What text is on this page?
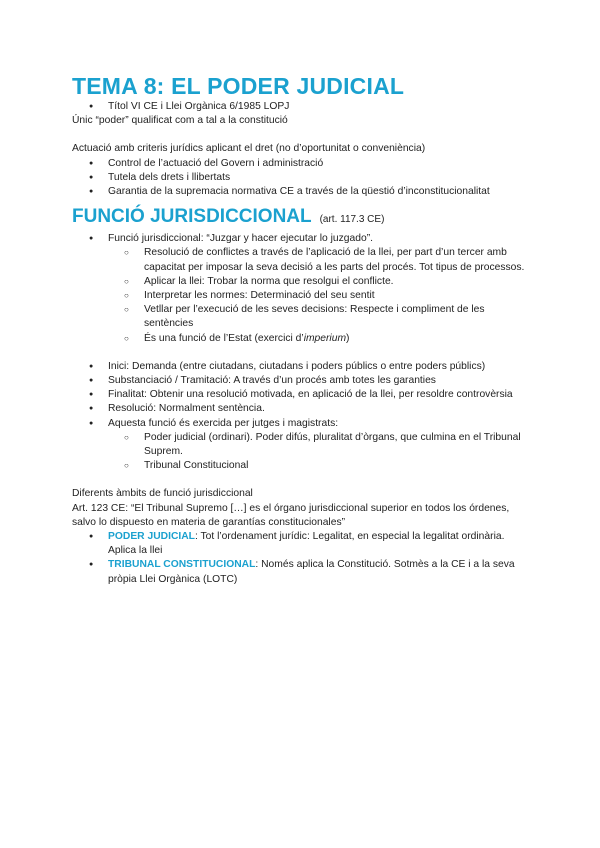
TEMA 8: EL PODER JUDICIAL
● Títol VI CE i Llei Orgànica 6/1985 LOPJ

Únic “poder” qualificat com a tal a la constitució

Actuació amb criteris jurídics aplicant el dret (no d’oportunitat o conveniència)

● Control de l’actuació del Govern i administració
● Tutela dels drets i llibertats
● Garantia de la supremacia normativa CE a través de la qüestió d’inconstitucionalitat
FUNCIÓ JURISDICCIONAL (art. 117.3 CE)
● Funció jurisdiccional: “Juzgar y hacer ejecutar lo juzgado”.
○ Resolució de conflictes a través de l’aplicació de la llei, per part d’un tercer amb capacitat per imposar la seva decisió a les parts del procés. Tot tipus de processos.
○ Aplicar la llei: Trobar la norma que resolgui el conflicte.
○ Interpretar les normes: Determinació del seu sentit
○ Vetllar per l’execució de les seves decisions: Respecte i compliment de les sentències
○ És una funció de l’Estat (exercici d’imperium)
● Inici: Demanda (entre ciutadans, ciutadans i poders públics o entre poders públics)
● Substanciació / Tramitació: A través d’un procés amb totes les garanties
● Finalitat: Obtenir una resolució motivada, en aplicació de la llei, per resoldre controvèrsia
● Resolució: Normalment sentència.
● Aquesta funció és exercida per jutges i magistrats:
○ Poder judicial (ordinari). Poder difús, pluralitat d’òrgans, que culmina en el Tribunal Suprem.
○ Tribunal Constitucional

Diferents àmbits de funció jurisdiccional

Art. 123 CE: “El Tribunal Supremo […] es el órgano jurisdiccional superior en todos los órdenes, salvo lo dispuesto en materia de garantías constitucionales”

● PODER JUDICIAL: Tot l’ordenament jurídic: Legalitat, en especial la legalitat ordinària. Aplica la llei
● TRIBUNAL CONSTITUCIONAL: Només aplica la Constitució. Sotmès a la CE i a la seva pròpia Llei Orgànica (LOTC)
